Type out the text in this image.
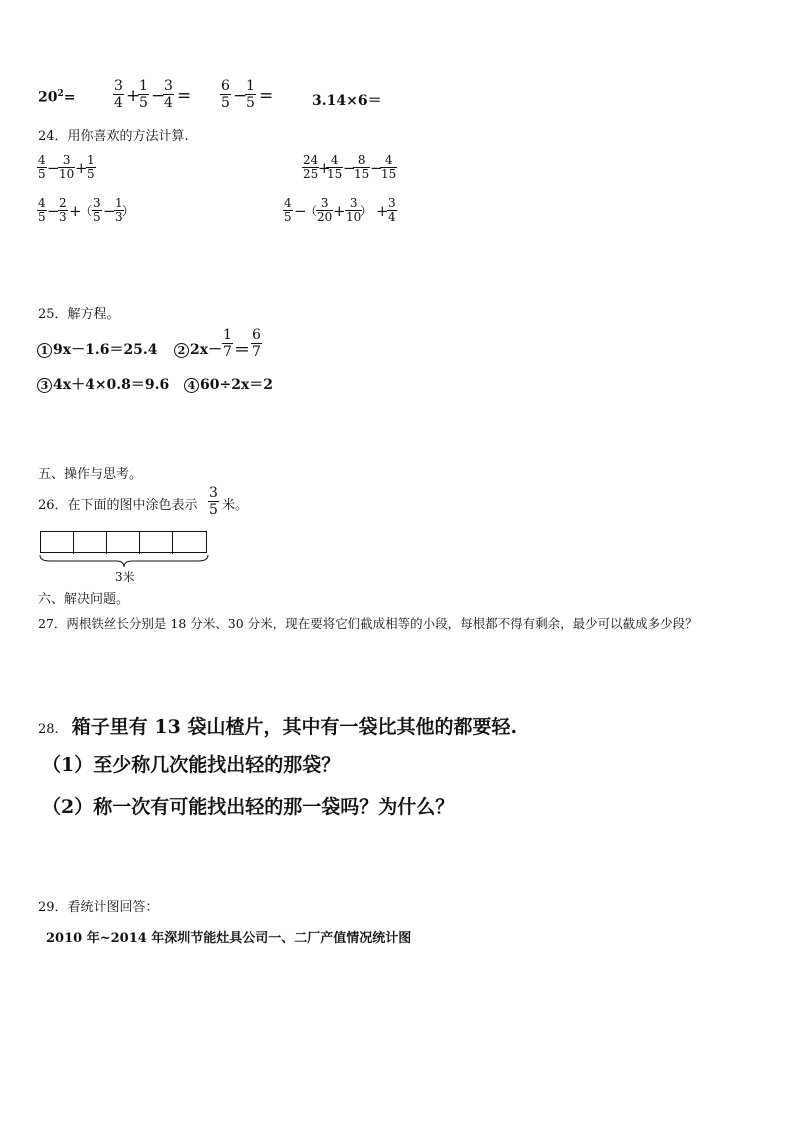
$20^2=$	$\frac{3}{4}$ +
$\frac{1}{5}$ −
$\frac{3}{4} = \frac{6}{5}$ −
$\frac{1}{5}$ =	3.14×6＝
24．用你喜欢的方法计算.
$\frac{4}{5}$ −
$\frac{3}{10}$ +
$\frac{1}{5}$	$\frac{24}{25}$
+
$\frac{4}{15}$ −
$\frac{8}{15}$ −
$\frac{4}{15}$
$\frac{4}{5}$ −
$\frac{2}{3}$ +
（ $\frac{3}{5}$ −
$\frac{1}{3}$
）	$\frac{4}{5}$ −
（
$\frac{3}{20} + \frac{3}{10}$
） +
$\frac{3}{4}$
25．解方程。
1 9x－1.6＝25.4	2 $2x- \frac{1}{7} = \frac{6}{7}$
3 4x＋4×0.8＝9.6	4 60÷2x＝2
五、操作与思考。
26．在下面的图中涂色表示 $\frac{3}{5}$ 米。
3米
六、解决问题。
27．两根铁丝长分别是 18 分米、30 分米，现在要将它们截成相等的小段，每根都不得有剩余，最少可以截成多少段？
28. 箱子里有 13 袋山楂片，其中有一袋比其他的都要轻.
（1）至少称几次能找出轻的那袋？
（2）称一次有可能找出轻的那一袋吗？为什么？
29．看统计图回答：
2010 年~2014 年深圳节能灶具公司一、二厂产值情况统计图
